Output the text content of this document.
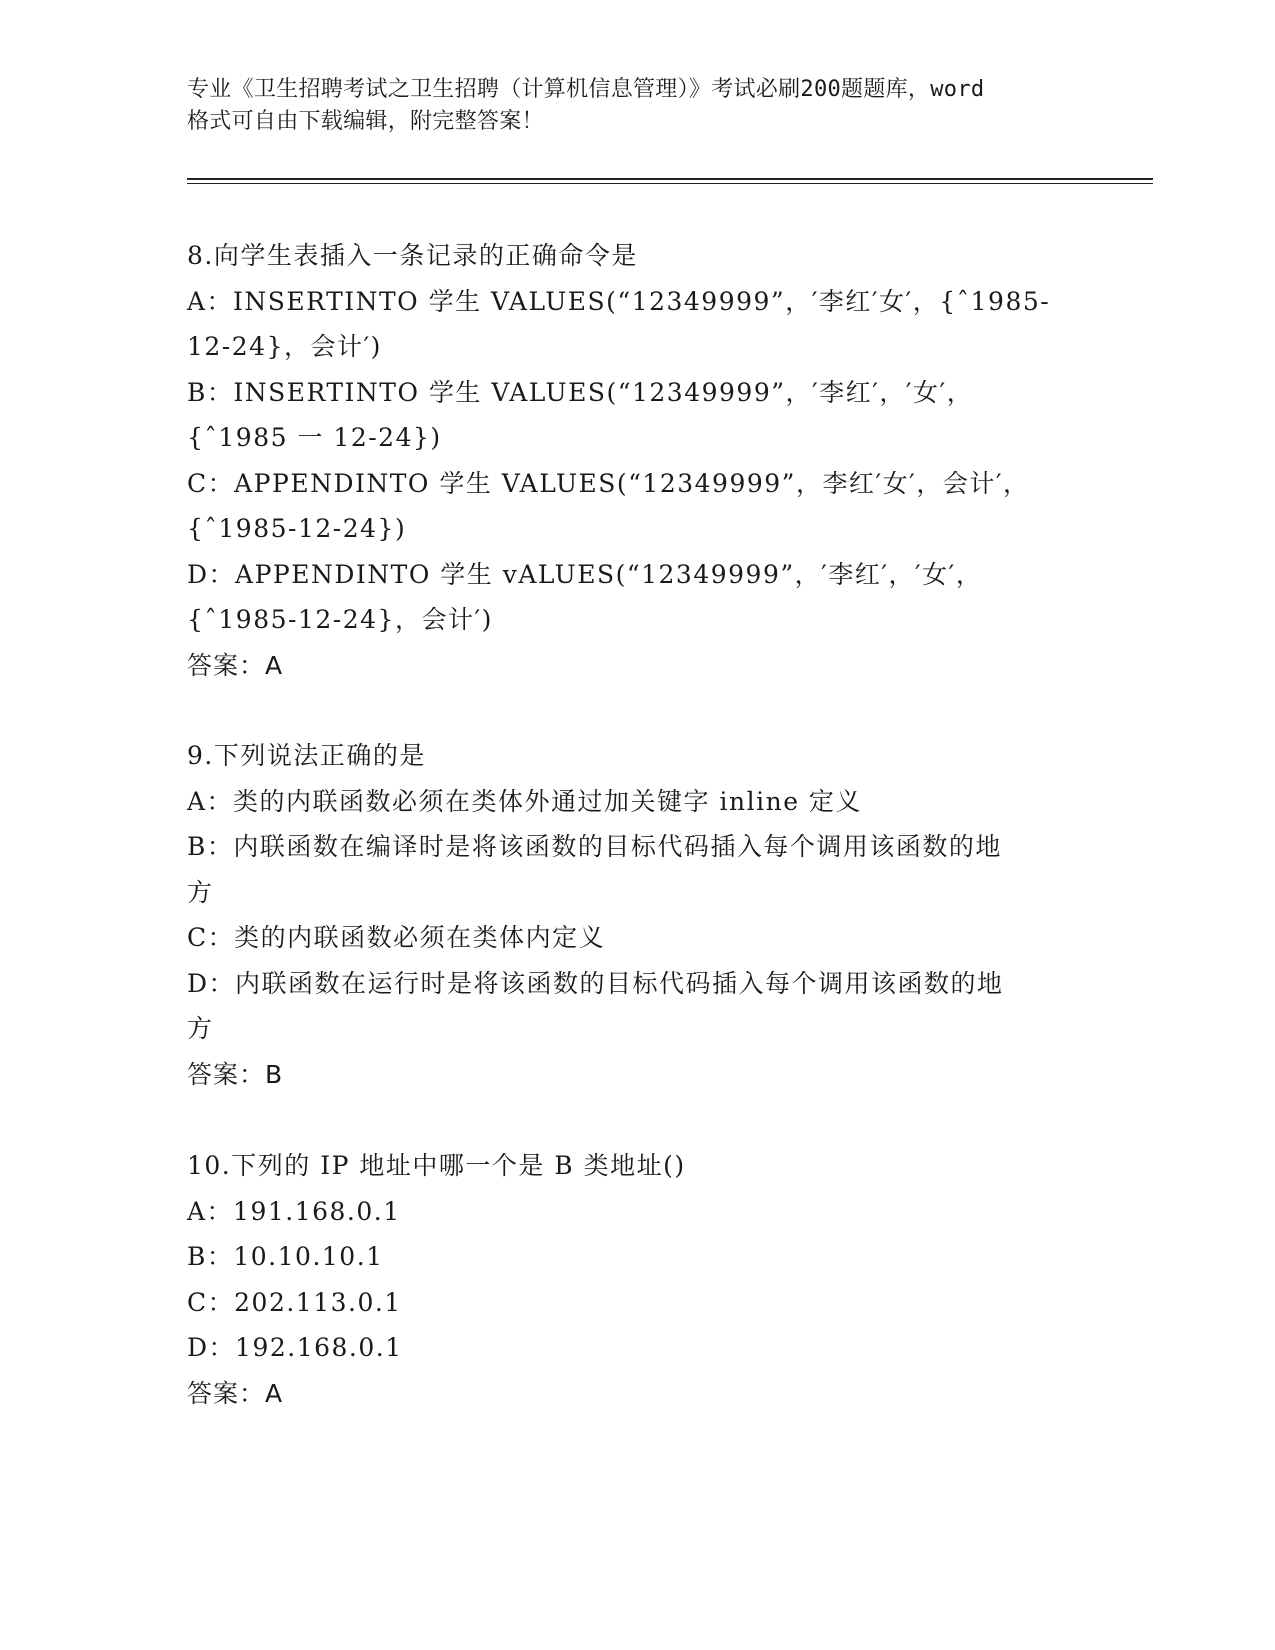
专业《卫生招聘考试之卫生招聘（计算机信息管理）》考试必刷200题题库，word
格式可自由下载编辑，附完整答案！
8.向学生表插入一条记录的正确命令是
A：INSERTINTO 学生 VALUES(“12349999”，′李红′女′，{ˆ1985-
12-24}，会计′)
B：INSERTINTO 学生 VALUES(“12349999”，′李红′，′女′，
{ˆ1985 一 12-24})
C：APPENDINTO 学生 VALUES(“12349999”，李红′女′，会计′，
{ˆ1985-12-24})
D：APPENDINTO 学生 vALUES(“12349999”，′李红′，′女′，
{ˆ1985-12-24}，会计′)
答案：A
9.下列说法正确的是
A：类的内联函数必须在类体外通过加关键字 inline 定义
B：内联函数在编译时是将该函数的目标代码插入每个调用该函数的地
方
C：类的内联函数必须在类体内定义
D：内联函数在运行时是将该函数的目标代码插入每个调用该函数的地
方
答案：B
10.下列的 IP 地址中哪一个是 B 类地址()
A：191.168.0.1
B：10.10.10.1
C：202.113.0.1
D：192.168.0.1
答案：A
